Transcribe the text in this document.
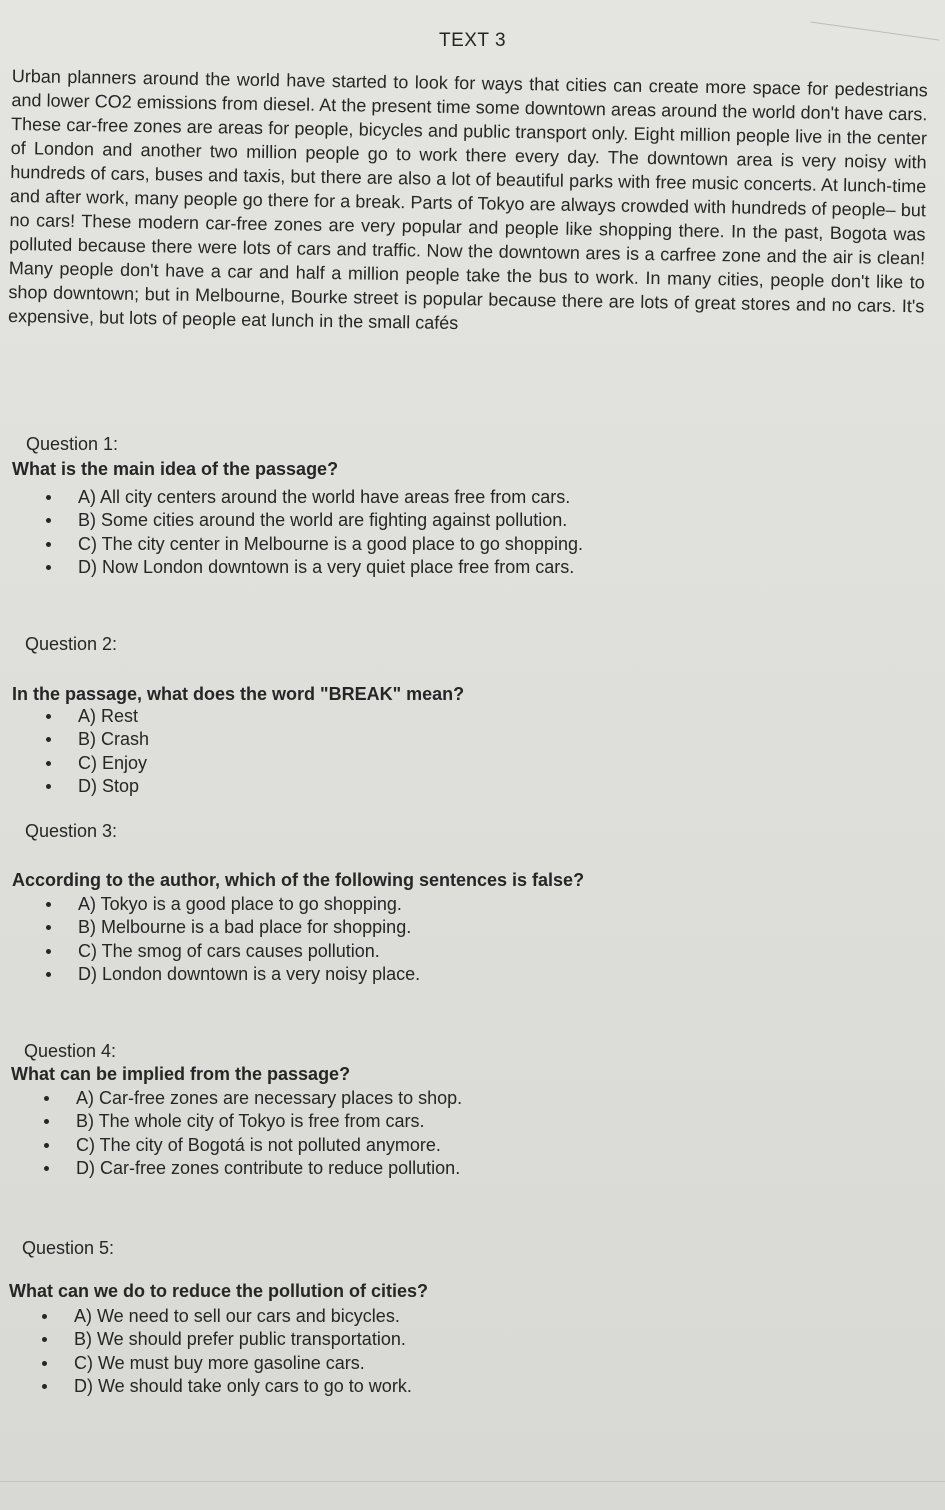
TEXT 3
Urban planners around the world have started to look for ways that cities can create more space for pedestrians and lower CO2 emissions from diesel. At the present time some downtown areas around the world don't have cars. These car-free zones are areas for people, bicycles and public transport only. Eight million people live in the center of London and another two million people go to work there every day. The downtown area is very noisy with hundreds of cars, buses and taxis, but there are also a lot of beautiful parks with free music concerts. At lunch-time and after work, many people go there for a break. Parts of Tokyo are always crowded with hundreds of people– but no cars! These modern car-free zones are very popular and people like shopping there. In the past, Bogota was polluted because there were lots of cars and traffic. Now the downtown ares is a carfree zone and the air is clean! Many people don't have a car and half a million people take the bus to work. In many cities, people don't like to shop downtown; but in Melbourne, Bourke street is popular because there are lots of great stores and no cars. It's expensive, but lots of people eat lunch in the small cafés
Question 1:
What is the main idea of the passage?
A) All city centers around the world have areas free from cars.
B) Some cities around the world are fighting against pollution.
C) The city center in Melbourne is a good place to go shopping.
D) Now London downtown is a very quiet place free from cars.
Question 2:
In the passage, what does the word "BREAK" mean?
A) Rest
B) Crash
C) Enjoy
D) Stop
Question 3:
According to the author, which of the following sentences is false?
A) Tokyo is a good place to go shopping.
B) Melbourne is a bad place for shopping.
C) The smog of cars causes pollution.
D) London downtown is a very noisy place.
Question 4:
What can be implied from the passage?
A) Car-free zones are necessary places to shop.
B) The whole city of Tokyo is free from cars.
C) The city of Bogotá is not polluted anymore.
D) Car-free zones contribute to reduce pollution.
Question 5:
What can we do to reduce the pollution of cities?
A) We need to sell our cars and bicycles.
B) We should prefer public transportation.
C) We must buy more gasoline cars.
D) We should take only cars to go to work.
